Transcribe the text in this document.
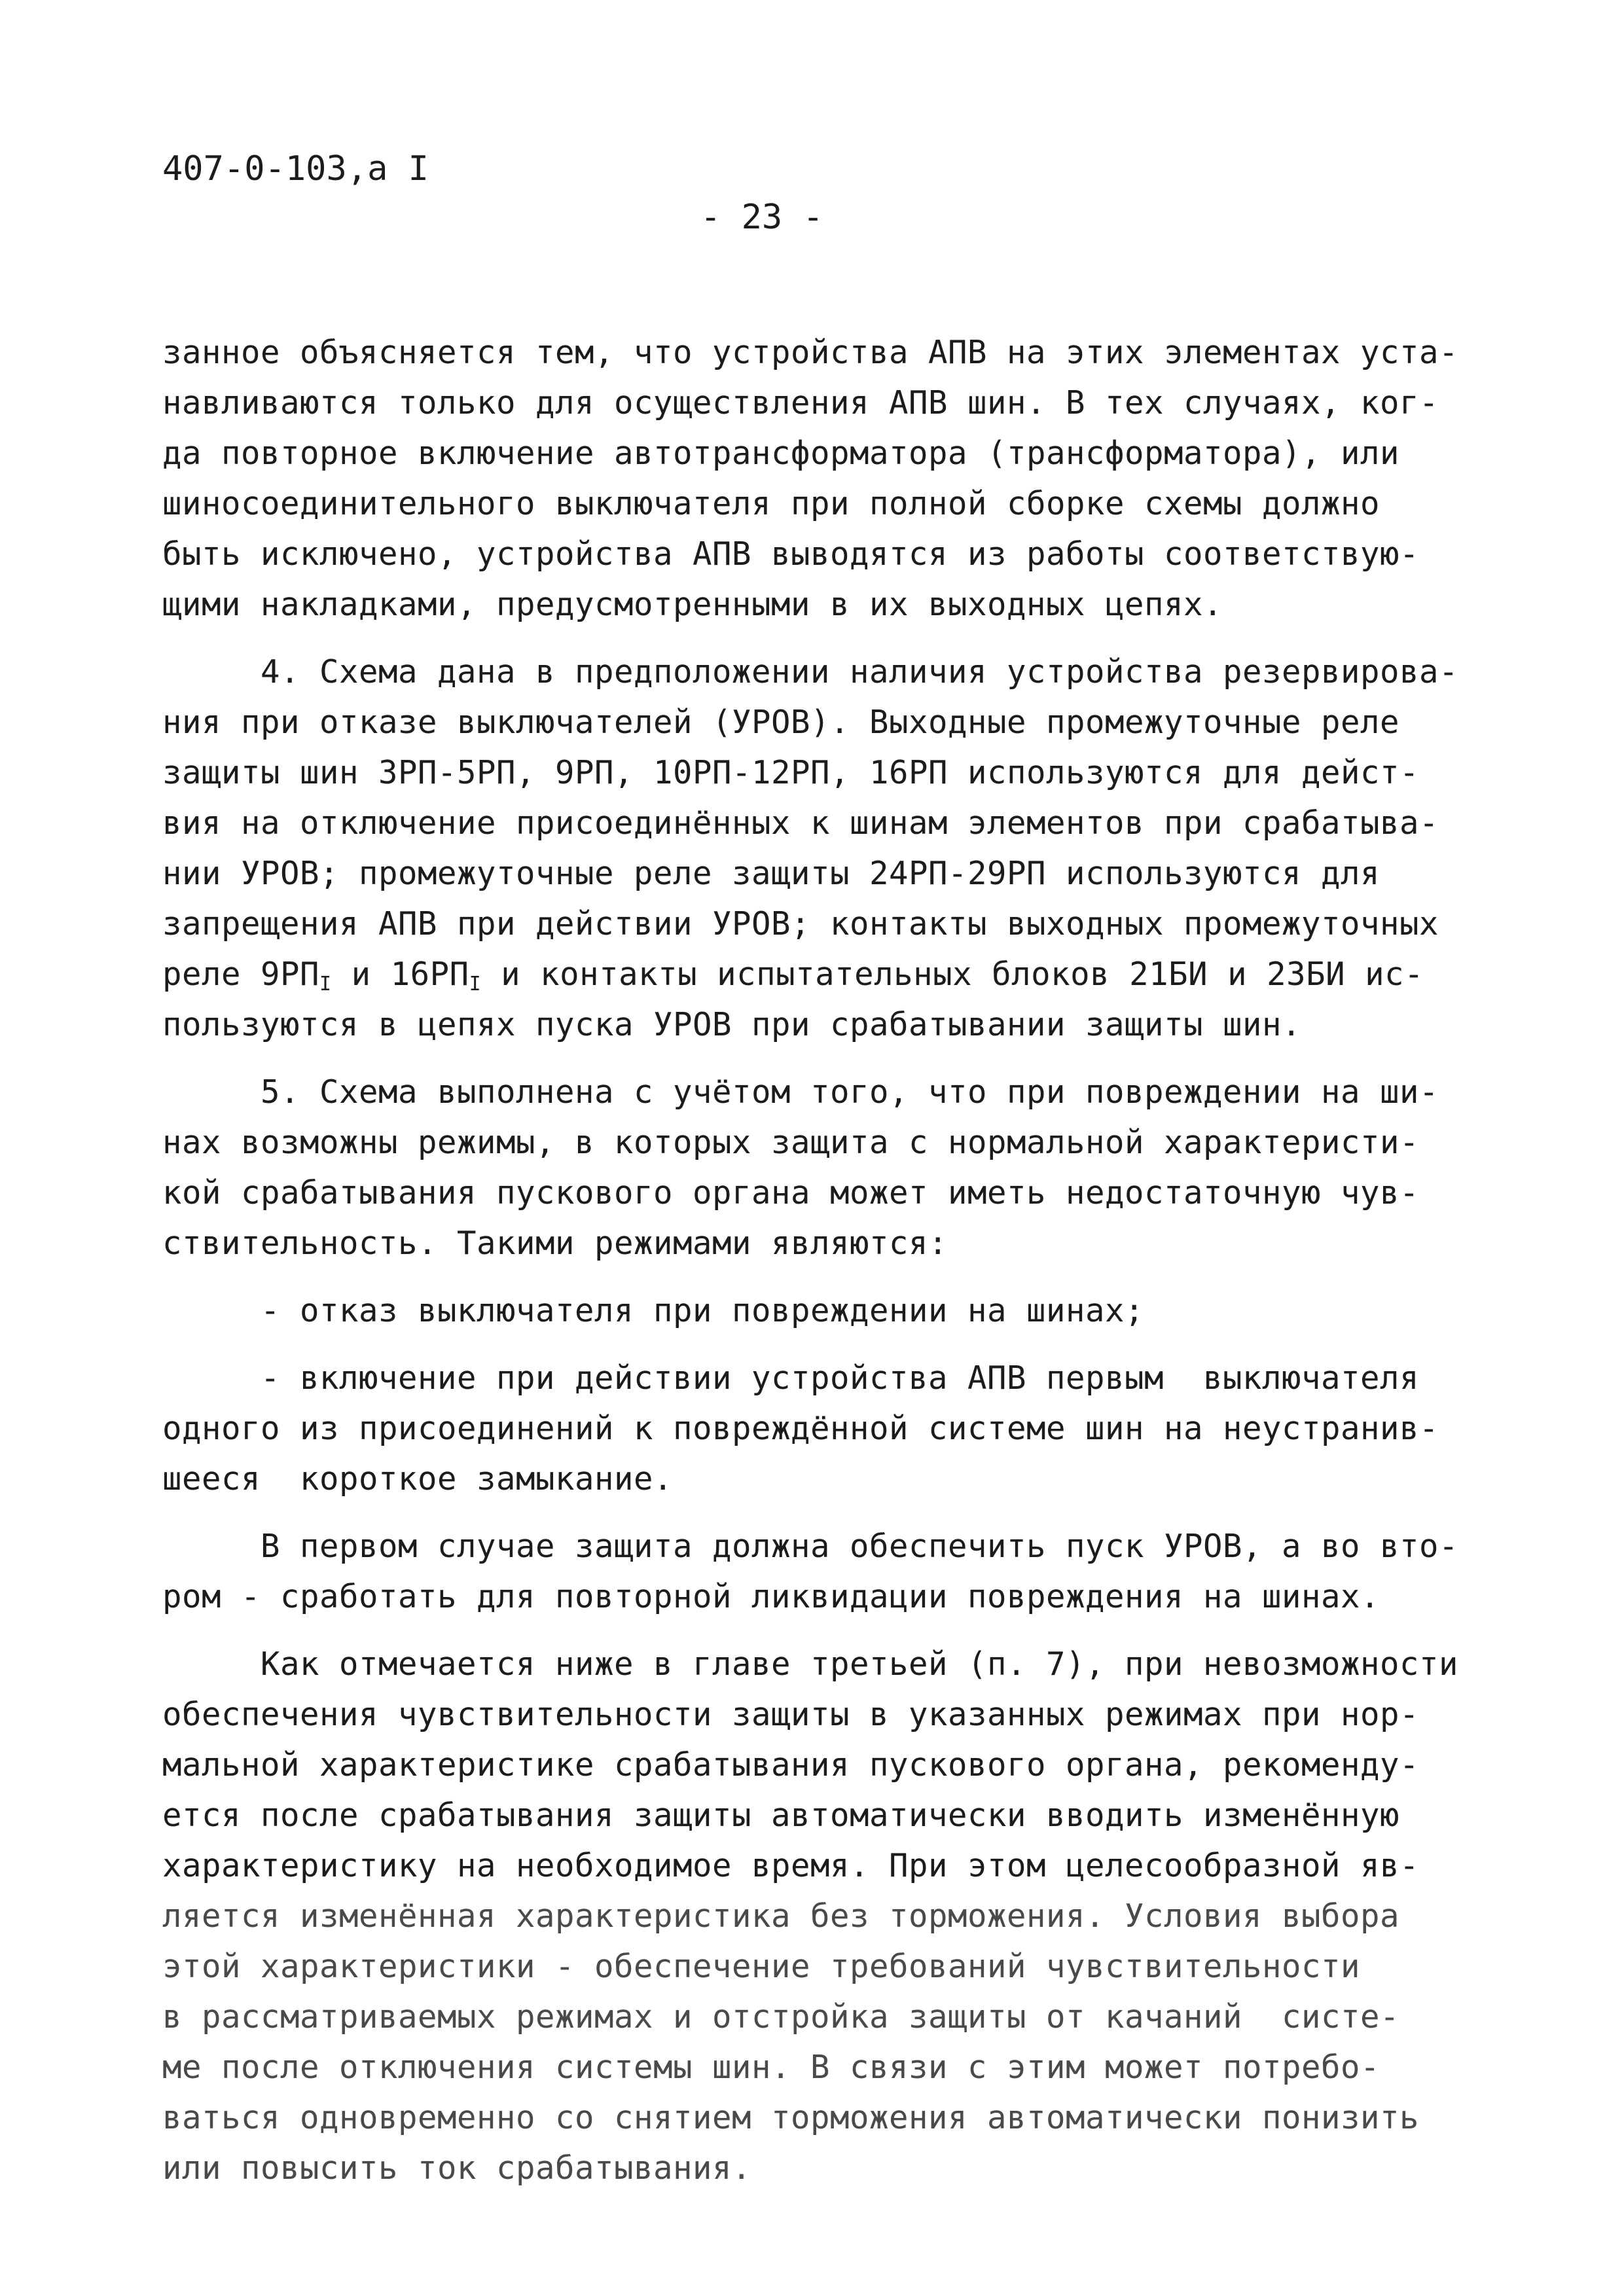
407-0-103,а I
- 23 -
занное объясняется тем, что устройства АПВ на этих элементах уста-
навливаются только для осуществления АПВ шин. В тех случаях, ког-
да повторное включение автотрансформатора (трансформатора), или
шиносоединительного выключателя при полной сборке схемы должно
быть исключено, устройства АПВ выводятся из работы соответствую-
щими накладками, предусмотренными в их выходных цепях.
4. Схема дана в предположении наличия устройства резервирова-
ния при отказе выключателей (УРОВ). Выходные промежуточные реле
защиты шин 3РП-5РП, 9РП, 10РП-12РП, 16РП используются для дейст-
вия на отключение присоединённых к шинам элементов при срабатыва-
нии УРОВ; промежуточные реле защиты 24РП-29РП используются для
запрещения АПВ при действии УРОВ; контакты выходных промежуточных
реле $9РП_I$ и $16РП_I$ и контакты испытательных блоков 21БИ и 23БИ ис-
пользуются в цепях пуска УРОВ при срабатывании защиты шин.
5. Схема выполнена с учётом того, что при повреждении на ши-
нах возможны режимы, в которых защита с нормальной характеристи-
кой срабатывания пускового органа может иметь недостаточную чув-
ствительность. Такими режимами являются:
- отказ выключателя при повреждении на шинах;
- включение при действии устройства АПВ первым  выключателя
одного из присоединений к повреждённой системе шин на неустранив-
шееся  короткое замыкание.
В первом случае защита должна обеспечить пуск УРОВ, а во вто-
ром - сработать для повторной ликвидации повреждения на шинах.
Как отмечается ниже в главе третьей (п. 7), при невозможности
обеспечения чувствительности защиты в указанных режимах при нор-
мальной характеристике срабатывания пускового органа, рекоменду-
ется после срабатывания защиты автоматически вводить изменённую
характеристику на необходимое время. При этом целесообразной яв-
ляется изменённая характеристика без торможения. Условия выбора
этой характеристики - обеспечение требований чувствительности
в рассматриваемых режимах и отстройка защиты от качаний  систе-
ме после отключения системы шин. В связи с этим может потребо-
ваться одновременно со снятием торможения автоматически понизить
или повысить ток срабатывания.
